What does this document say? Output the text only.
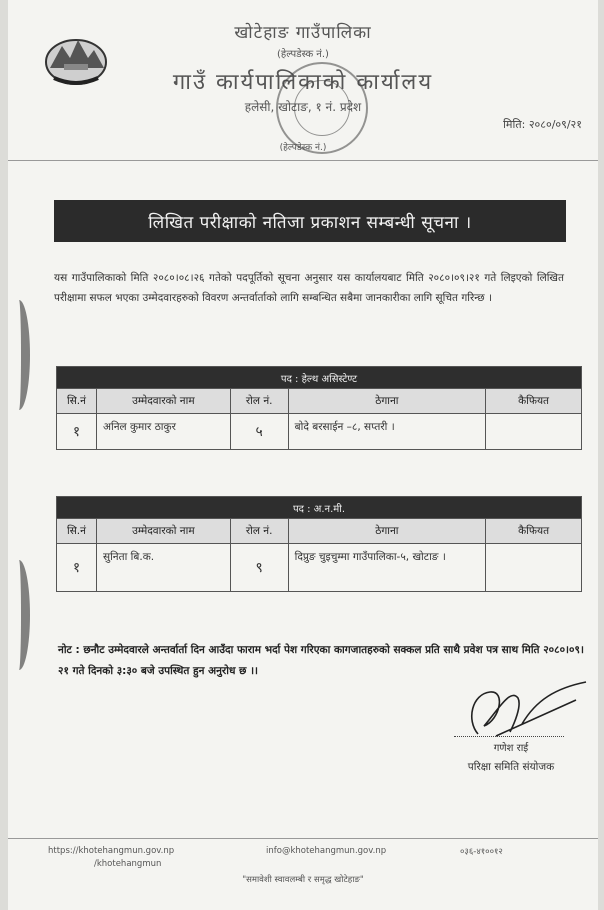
खोटेहाङ गाउँपालिका
(हेल्पडेस्क नं.)
गाउँ कार्यपालिकाको कार्यालय
हलेसी, खोटाङ, १ नं. प्रदेश
(हेल्पडेस्क नं.)
मिति: २०८०/०९/२१
लिखित परीक्षाको नतिजा प्रकाशन सम्बन्धी सूचना ।

यस गाउँपालिकाको मिति २०८०।०८।२६ गतेको पदपूर्तिको सूचना अनुसार यस कार्यालयबाट मिति २०८०।०९।२१ गते लिइएको लिखित परीक्षामा सफल भएका उम्मेदवारहरुको विवरण अन्तर्वार्ताको लागि सम्बन्धित सबैमा जानकारीका लागि सूचित गरिन्छ ।

पद : हेल्थ असिस्टेण्ट				
सि.नं	उम्मेदवारको नाम	रोल नं.	ठेगाना	कैफियत
१	अनिल कुमार ठाकुर	५	बोदे बरसाईन –८, सप्तरी ।	
पद : अ.न.मी.				
सि.नं	उम्मेदवारको नाम	रोल नं.	ठेगाना	कैफियत
१	सुनिता बि.क.	९	दिप्रुङ चुइचुम्मा गाउँपालिका-५, खोटाङ ।	

नोट : छनौट उम्मेदवारले अन्तर्वार्ता दिन आउँदा फाराम भर्दा पेश गरिएका कागजातहरुको सक्कल प्रति साथै प्रवेश पत्र साथ मिति २०८०।०९।२१ गते दिनको ३:३० बजे उपस्थित हुन अनुरोध छ ।।

गणेश राई
परिक्षा समिति संयोजक
https://khotehangmun.gov.np
/khotehangmun
info@khotehangmun.gov.np	०३६-४१००१२
"समावेशी स्वावलम्बी र समृद्ध खोटेहाङ"
